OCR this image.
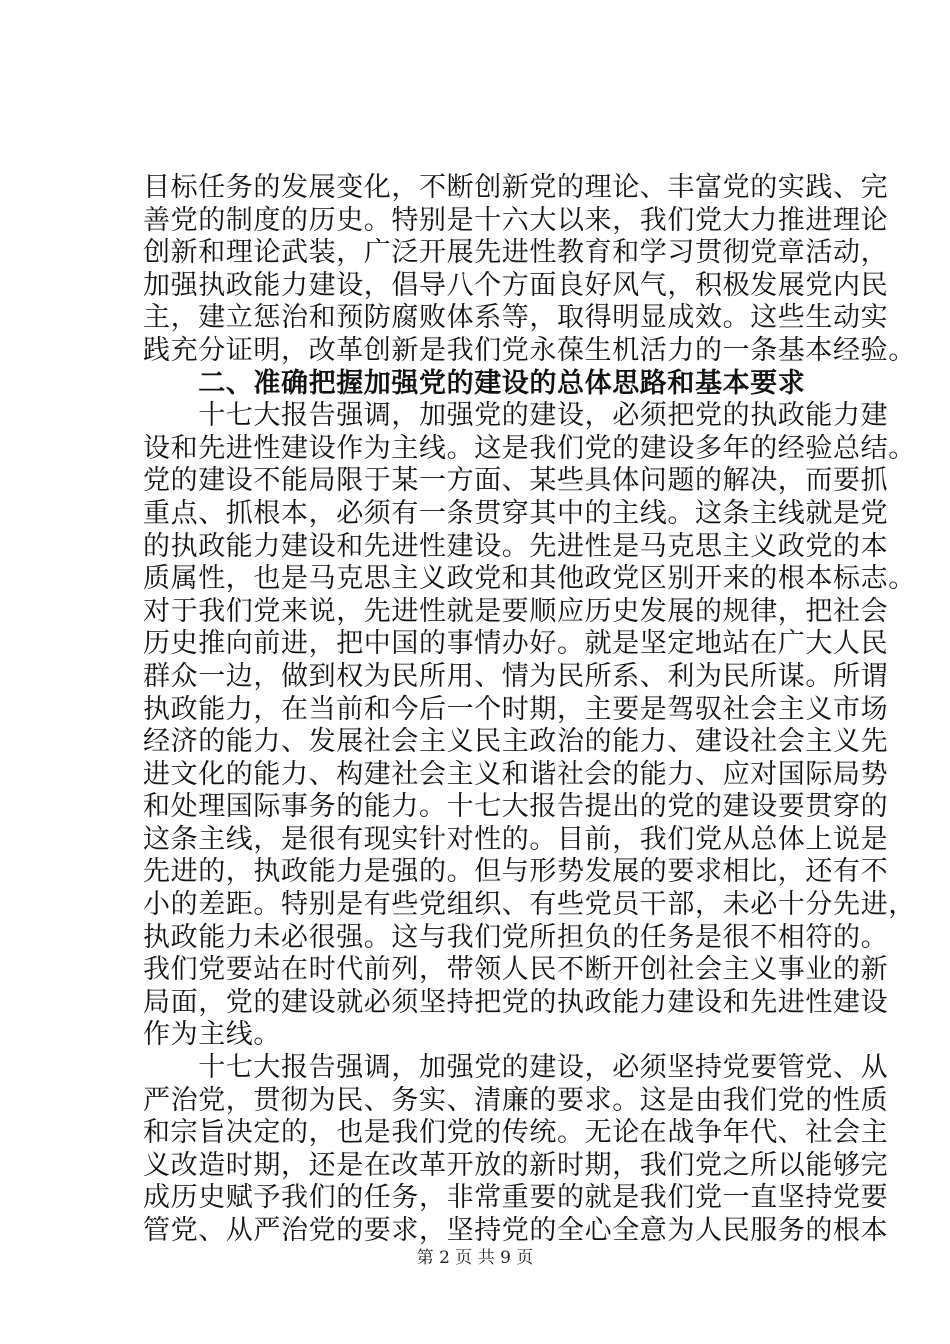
目标任务的发展变化，不断创新党的理论、丰富党的实践、完
善党的制度的历史。特别是十六大以来，我们党大力推进理论
创新和理论武装，广泛开展先进性教育和学习贯彻党章活动，
加强执政能力建设，倡导八个方面良好风气，积极发展党内民
主，建立惩治和预防腐败体系等，取得明显成效。这些生动实
践充分证明，改革创新是我们党永葆生机活力的一条基本经验。
　　二、准确把握加强党的建设的总体思路和基本要求
　　十七大报告强调，加强党的建设，必须把党的执政能力建
设和先进性建设作为主线。这是我们党的建设多年的经验总结。
党的建设不能局限于某一方面、某些具体问题的解决，而要抓
重点、抓根本，必须有一条贯穿其中的主线。这条主线就是党
的执政能力建设和先进性建设。先进性是马克思主义政党的本
质属性，也是马克思主义政党和其他政党区别开来的根本标志。
对于我们党来说，先进性就是要顺应历史发展的规律，把社会
历史推向前进，把中国的事情办好。就是坚定地站在广大人民
群众一边，做到权为民所用、情为民所系、利为民所谋。所谓
执政能力，在当前和今后一个时期，主要是驾驭社会主义市场
经济的能力、发展社会主义民主政治的能力、建设社会主义先
进文化的能力、构建社会主义和谐社会的能力、应对国际局势
和处理国际事务的能力。十七大报告提出的党的建设要贯穿的
这条主线，是很有现实针对性的。目前，我们党从总体上说是
先进的，执政能力是强的。但与形势发展的要求相比，还有不
小的差距。特别是有些党组织、有些党员干部，未必十分先进，
执政能力未必很强。这与我们党所担负的任务是很不相符的。
我们党要站在时代前列，带领人民不断开创社会主义事业的新
局面，党的建设就必须坚持把党的执政能力建设和先进性建设
作为主线。
　　十七大报告强调，加强党的建设，必须坚持党要管党、从
严治党，贯彻为民、务实、清廉的要求。这是由我们党的性质
和宗旨决定的，也是我们党的传统。无论在战争年代、社会主
义改造时期，还是在改革开放的新时期，我们党之所以能够完
成历史赋予我们的任务，非常重要的就是我们党一直坚持党要
管党、从严治党的要求，坚持党的全心全意为人民服务的根本
第 2 页 共 9 页
